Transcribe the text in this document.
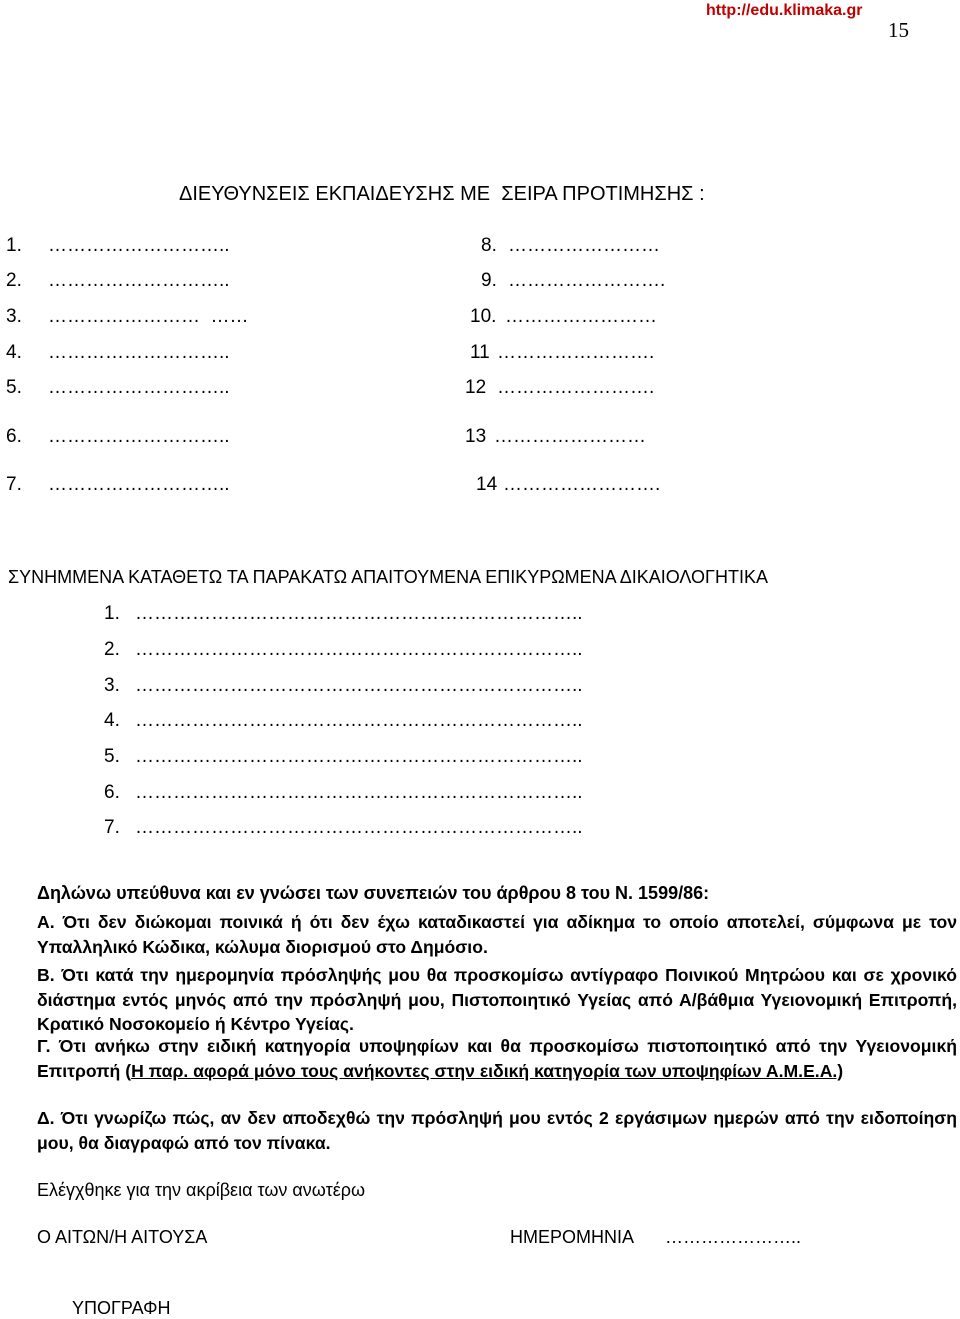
http://edu.klimaka.gr
15
ΔΙΕΥΘΥΝΣΕΙΣ ΕΚΠΑΙΔΕΥΣΗΣ ΜΕ  ΣΕΙΡΑ ΠΡΟΤΙΜΗΣΗΣ :
1. ………………………..
2. ………………………..
3. ……………………  ……
4. ………………………..
5. ………………………..
6. ………………………..
7. ………………………..
8. ……………………
9. …………………….
10. ……………………
11 …………………….
12 …………………….
13 ……………………
14 …………………….
ΣΥΝΗΜΜΕΝΑ ΚΑΤΑΘΕΤΩ ΤΑ ΠΑΡΑΚΑΤΩ ΑΠΑΙΤΟΥΜΕΝΑ ΕΠΙΚΥΡΩΜΕΝΑ ΔΙΚΑΙΟΛΟΓΗΤΙΚΑ
1. ……………………………………………………………..
2. ……………………………………………………………..
3. ……………………………………………………………..
4. ……………………………………………………………..
5. ……………………………………………………………..
6. ……………………………………………………………..
7. ……………………………………………………………..
Δηλώνω υπεύθυνα και εν γνώσει των συνεπειών του άρθρου 8 του Ν. 1599/86:
Α. Ότι δεν διώκομαι ποινικά ή ότι δεν έχω καταδικαστεί για αδίκημα το οποίο αποτελεί, σύμφωνα με τον Υπαλληλικό Κώδικα, κώλυμα διορισμού στο Δημόσιο.
Β. Ότι κατά την ημερομηνία πρόσληψής μου θα προσκομίσω αντίγραφο Ποινικού Μητρώου και σε χρονικό διάστημα εντός μηνός από την πρόσληψή μου, Πιστοποιητικό Υγείας από Α/βάθμια Υγειονομική Επιτροπή, Κρατικό Νοσοκομείο ή Κέντρο Υγείας.
Γ. Ότι ανήκω στην ειδική κατηγορία υποψηφίων και θα προσκομίσω πιστοποιητικό από την Υγειονομική Επιτροπή (Η παρ. αφορά μόνο τους ανήκοντες στην ειδική κατηγορία των υποψηφίων Α.Μ.Ε.Α.)
Δ. Ότι γνωρίζω πώς, αν δεν αποδεχθώ την πρόσληψή μου εντός 2 εργάσιμων ημερών από την ειδοποίηση μου, θα διαγραφώ από τον πίνακα.
Ελέγχθηκε για την ακρίβεια των ανωτέρω
Ο ΑΙΤΩΝ/Η ΑΙΤΟΥΣΑ	ΗΜΕΡΟΜΗΝΙΑ …………………..
ΥΠΟΓΡΑΦΗ
